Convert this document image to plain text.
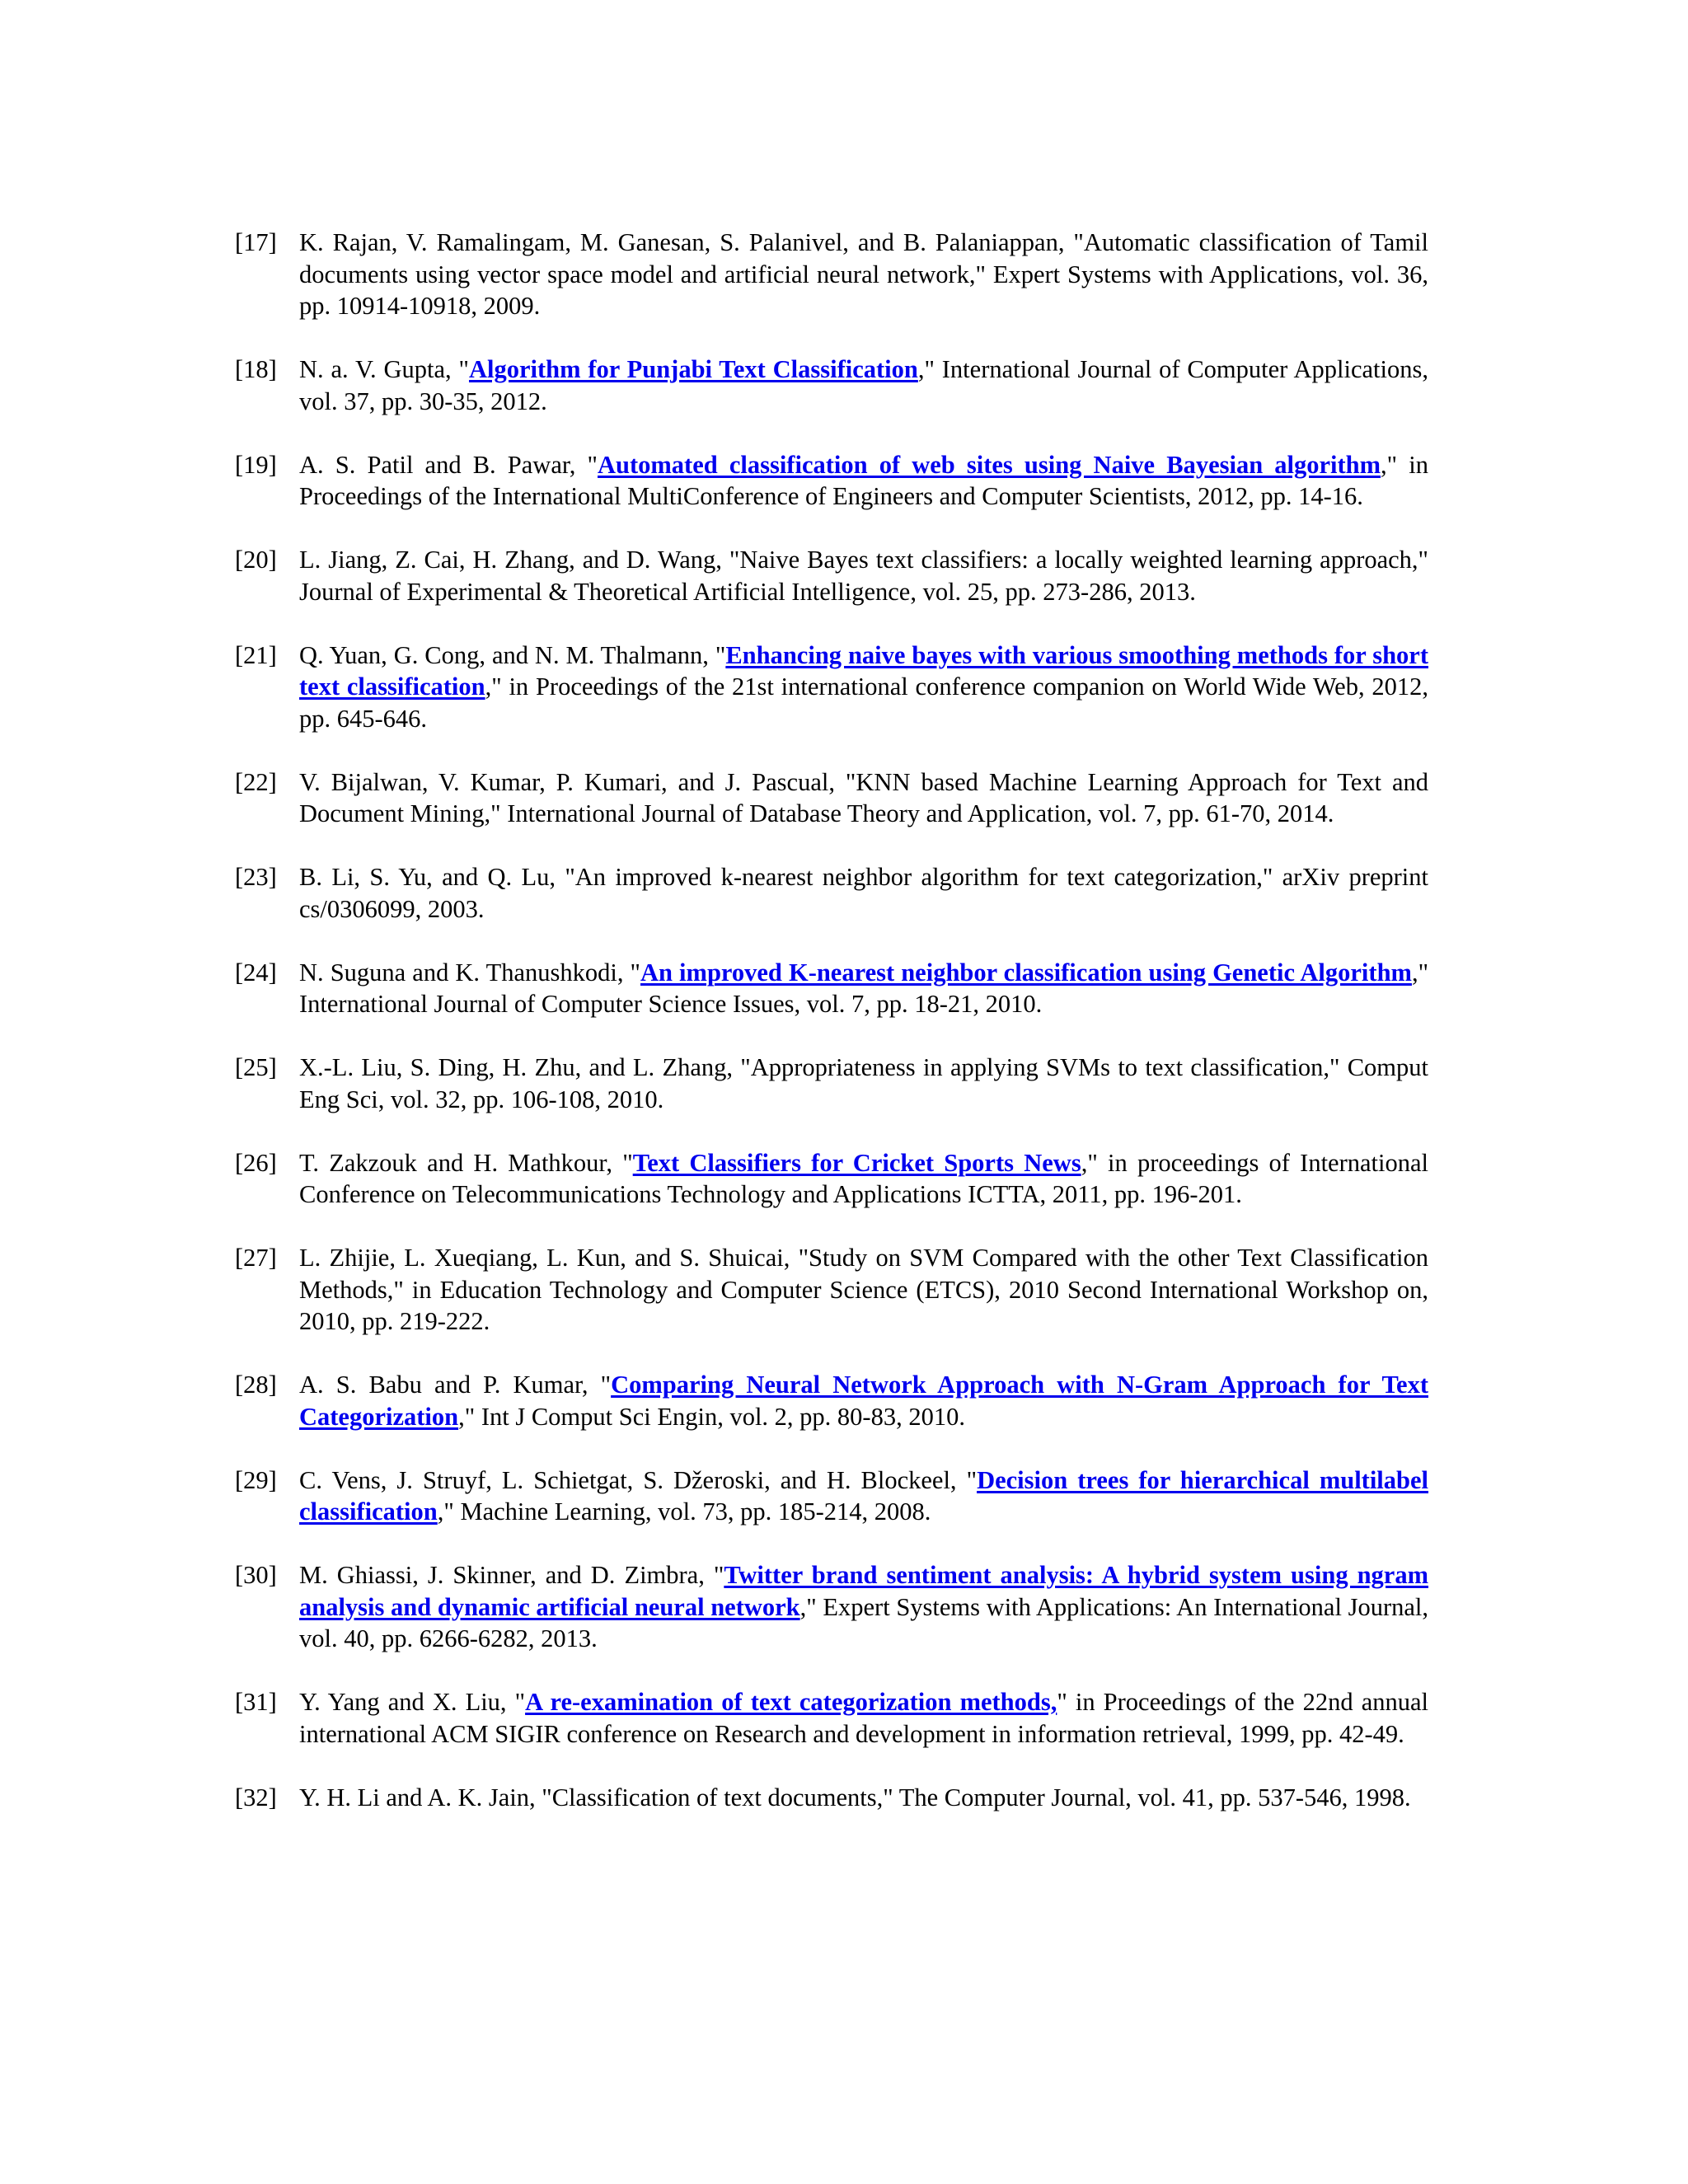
[17] K. Rajan, V. Ramalingam, M. Ganesan, S. Palanivel, and B. Palaniappan, "Automatic classification of Tamil documents using vector space model and artificial neural network," Expert Systems with Applications, vol. 36, pp. 10914-10918, 2009.
[18] N. a. V. Gupta, "Algorithm for Punjabi Text Classification," International Journal of Computer Applications, vol. 37, pp. 30-35, 2012.
[19] A. S. Patil and B. Pawar, "Automated classification of web sites using Naive Bayesian algorithm," in Proceedings of the International MultiConference of Engineers and Computer Scientists, 2012, pp. 14-16.
[20] L. Jiang, Z. Cai, H. Zhang, and D. Wang, "Naive Bayes text classifiers: a locally weighted learning approach," Journal of Experimental & Theoretical Artificial Intelligence, vol. 25, pp. 273-286, 2013.
[21] Q. Yuan, G. Cong, and N. M. Thalmann, "Enhancing naive bayes with various smoothing methods for short text classification," in Proceedings of the 21st international conference companion on World Wide Web, 2012, pp. 645-646.
[22] V. Bijalwan, V. Kumar, P. Kumari, and J. Pascual, "KNN based Machine Learning Approach for Text and Document Mining," International Journal of Database Theory and Application, vol. 7, pp. 61-70, 2014.
[23] B. Li, S. Yu, and Q. Lu, "An improved k-nearest neighbor algorithm for text categorization," arXiv preprint cs/0306099, 2003.
[24] N. Suguna and K. Thanushkodi, "An improved K-nearest neighbor classification using Genetic Algorithm," International Journal of Computer Science Issues, vol. 7, pp. 18-21, 2010.
[25] X.-L. Liu, S. Ding, H. Zhu, and L. Zhang, "Appropriateness in applying SVMs to text classification," Comput Eng Sci, vol. 32, pp. 106-108, 2010.
[26] T. Zakzouk and H. Mathkour, "Text Classifiers for Cricket Sports News," in proceedings of International Conference on Telecommunications Technology and Applications ICTTA, 2011, pp. 196-201.
[27] L. Zhijie, L. Xueqiang, L. Kun, and S. Shuicai, "Study on SVM Compared with the other Text Classification Methods," in Education Technology and Computer Science (ETCS), 2010 Second International Workshop on, 2010, pp. 219-222.
[28] A. S. Babu and P. Kumar, "Comparing Neural Network Approach with N-Gram Approach for Text Categorization," Int J Comput Sci Engin, vol. 2, pp. 80-83, 2010.
[29] C. Vens, J. Struyf, L. Schietgat, S. Džeroski, and H. Blockeel, "Decision trees for hierarchical multilabel classification," Machine Learning, vol. 73, pp. 185-214, 2008.
[30] M. Ghiassi, J. Skinner, and D. Zimbra, "Twitter brand sentiment analysis: A hybrid system using ngram analysis and dynamic artificial neural network," Expert Systems with Applications: An International Journal, vol. 40, pp. 6266-6282, 2013.
[31] Y. Yang and X. Liu, "A re-examination of text categorization methods," in Proceedings of the 22nd annual international ACM SIGIR conference on Research and development in information retrieval, 1999, pp. 42-49.
[32] Y. H. Li and A. K. Jain, "Classification of text documents," The Computer Journal, vol. 41, pp. 537-546, 1998.
